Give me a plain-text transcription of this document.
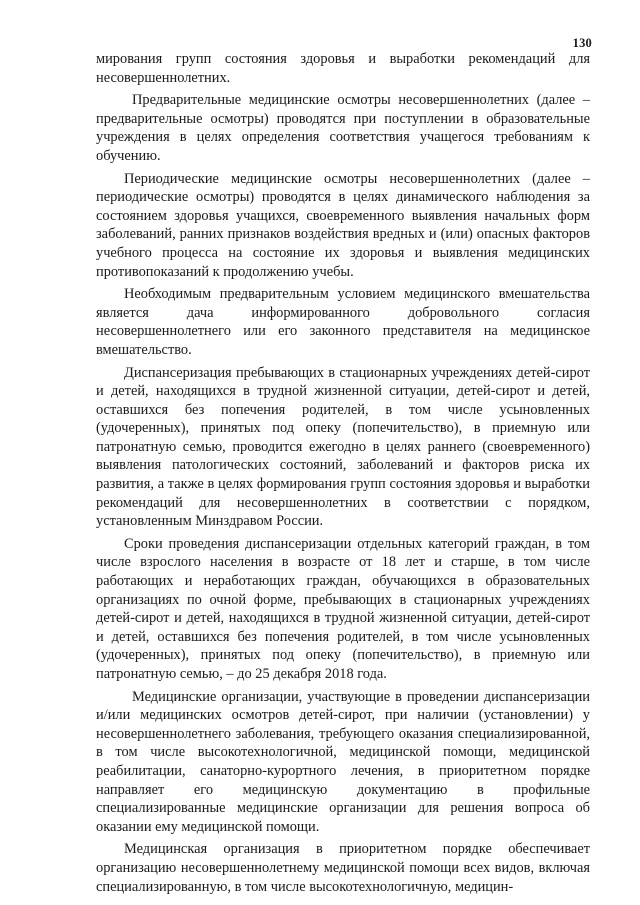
130

мирования групп состояния здоровья и выработки рекомендаций для несовершеннолетних.

Предварительные медицинские осмотры несовершеннолетних (далее – предварительные осмотры) проводятся при поступлении в образовательные учреждения в целях определения соответствия учащегося требованиям к обучению.

Периодические медицинские осмотры несовершеннолетних (далее – периодические осмотры) проводятся в целях динамического наблюдения за состоянием здоровья учащихся, своевременного выявления начальных форм заболеваний, ранних признаков воздействия вредных и (или) опасных факторов учебного процесса на состояние их здоровья и выявления медицинских противопоказаний к продолжению учебы.

Необходимым предварительным условием медицинского вмешательства является дача информированного добровольного согласия несовершеннолетнего или его законного представителя на медицинское вмешательство.

Диспансеризация пребывающих в стационарных учреждениях детей-сирот и детей, находящихся в трудной жизненной ситуации, детей-сирот и детей, оставшихся без попечения родителей, в том числе усыновленных (удочеренных), принятых под опеку (попечительство), в приемную или патронатную семью, проводится ежегодно в целях раннего (своевременного) выявления патологических состояний, заболеваний и факторов риска их развития, а также в целях формирования групп состояния здоровья и выработки рекомендаций для несовершеннолетних в соответствии с порядком, установленным Минздравом России.

Сроки проведения диспансеризации отдельных категорий граждан, в том числе взрослого населения в возрасте от 18 лет и старше, в том числе работающих и неработающих граждан, обучающихся в образовательных организациях по очной форме, пребывающих в стационарных учреждениях детей-сирот и детей, находящихся в трудной жизненной ситуации, детей-сирот и детей, оставшихся без попечения родителей, в том числе усыновленных (удочеренных), принятых под опеку (попечительство), в приемную или патронатную семью, – до 25 декабря 2018 года.

Медицинские организации, участвующие в проведении диспансеризации и/или медицинских осмотров детей-сирот, при наличии (установлении) у несовершеннолетнего заболевания, требующего оказания специализированной, в том числе высокотехнологичной, медицинской помощи, медицинской реабилитации, санаторно-курортного лечения, в приоритетном порядке направляет его медицинскую документацию в профильные специализированные медицинские организации для решения вопроса об оказании ему медицинской помощи.

Медицинская организация в приоритетном порядке обеспечивает организацию несовершеннолетнему медицинской помощи всех видов, включая специализированную, в том числе высокотехнологичную, медицин-
